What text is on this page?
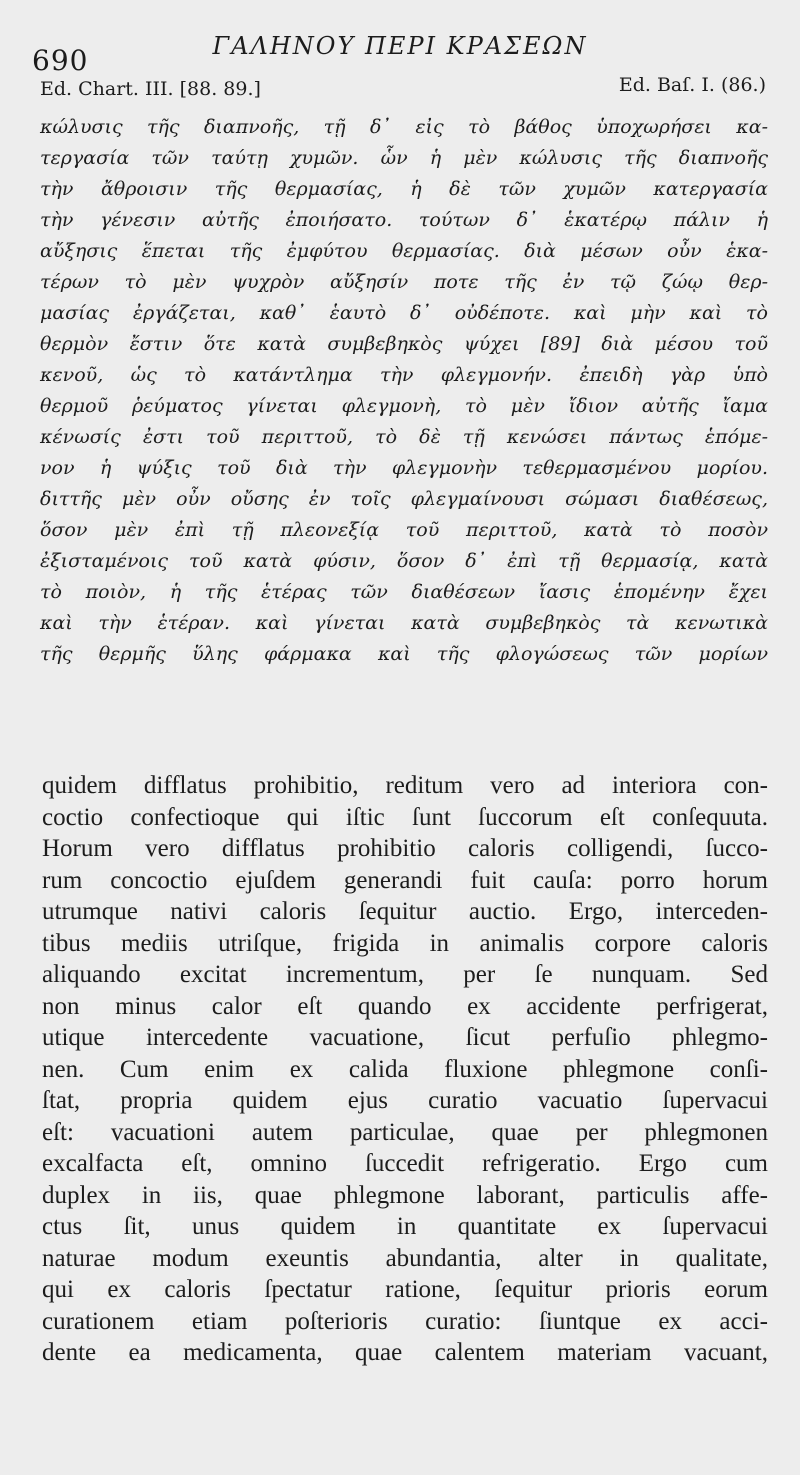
690	ΓΑΛΗΝΟΥ ΠΕΡΙ ΚΡΑΣΕΩΝ
Ed. Chart. III. [88. 89.]	Ed. Baſ. I. (86.)
κώλυσις τῆς διαπνοῆς, τῇ δ᾽ εἰς τὸ βάθος ὑποχωρήσει κα-
τεργασία τῶν ταύτῃ χυμῶν. ὧν ἡ μὲν κώλυσις τῆς διαπνοῆς
τὴν ἄθροισιν τῆς θερμασίας, ἡ δὲ τῶν χυμῶν κατεργασία
τὴν γένεσιν αὐτῆς ἐποιήσατο. τούτων δ᾽ ἑκατέρῳ πάλιν ἡ
αὔξησις ἕπεται τῆς ἐμφύτου θερμασίας. διὰ μέσων οὖν ἑκα-
τέρων τὸ μὲν ψυχρὸν αὔξησίν ποτε τῆς ἐν τῷ ζώῳ θερ-
μασίας ἐργάζεται, καθ᾽ ἑαυτὸ δ᾽ οὐδέποτε. καὶ μὴν καὶ τὸ
θερμὸν ἔστιν ὅτε κατὰ συμβεβηκὸς ψύχει [89] διὰ μέσου τοῦ
κενοῦ, ὡς τὸ κατάντλημα τὴν φλεγμονήν. ἐπειδὴ γὰρ ὑπὸ
θερμοῦ ῥεύματος γίνεται φλεγμονὴ, τὸ μὲν ἴδιον αὐτῆς ἴαμα
κένωσίς ἐστι τοῦ περιττοῦ, τὸ δὲ τῇ κενώσει πάντως ἑπόμε-
νον ἡ ψύξις τοῦ διὰ τὴν φλεγμονὴν τεθερμασμένου μορίου.
διττῆς μὲν οὖν οὔσης ἐν τοῖς φλεγμαίνουσι σώμασι διαθέσεως,
ὅσον μὲν ἐπὶ τῇ πλεονεξίᾳ τοῦ περιττοῦ, κατὰ τὸ ποσὸν
ἐξισταμένοις τοῦ κατὰ φύσιν, ὅσον δ᾽ ἐπὶ τῇ θερμασίᾳ, κατὰ
τὸ ποιὸν, ἡ τῆς ἑτέρας τῶν διαθέσεων ἴασις ἑπομένην ἔχει
καὶ τὴν ἑτέραν. καὶ γίνεται κατὰ συμβεβηκὸς τὰ κενωτικὰ
τῆς θερμῆς ὕλης φάρμακα καὶ τῆς φλογώσεως τῶν μορίων
quidem difflatus prohibitio, reditum vero ad interiora con-
coctio confectioque qui iſtic ſunt ſuccorum eſt conſequuta.
Horum vero difflatus prohibitio caloris colligendi, ſucco-
rum concoctio ejuſdem generandi fuit cauſa: porro horum
utrumque nativi caloris ſequitur auctio. Ergo, interceden-
tibus mediis utriſque, frigida in animalis corpore caloris
aliquando excitat incrementum, per ſe nunquam. Sed
non minus calor eſt quando ex accidente perfrigerat,
utique intercedente vacuatione, ſicut perfuſio phlegmo-
nen. Cum enim ex calida fluxione phlegmone conſi-
ſtat, propria quidem ejus curatio vacuatio ſupervacui
eſt: vacuationi autem particulae, quae per phlegmonen
excalfacta eſt, omnino ſuccedit refrigeratio. Ergo cum
duplex in iis, quae phlegmone laborant, particulis affe-
ctus ſit, unus quidem in quantitate ex ſupervacui
naturae modum exeuntis abundantia, alter in qualitate,
qui ex caloris ſpectatur ratione, ſequitur prioris eorum
curationem etiam poſterioris curatio: ſiuntque ex acci-
dente ea medicamenta, quae calentem materiam vacuant,
